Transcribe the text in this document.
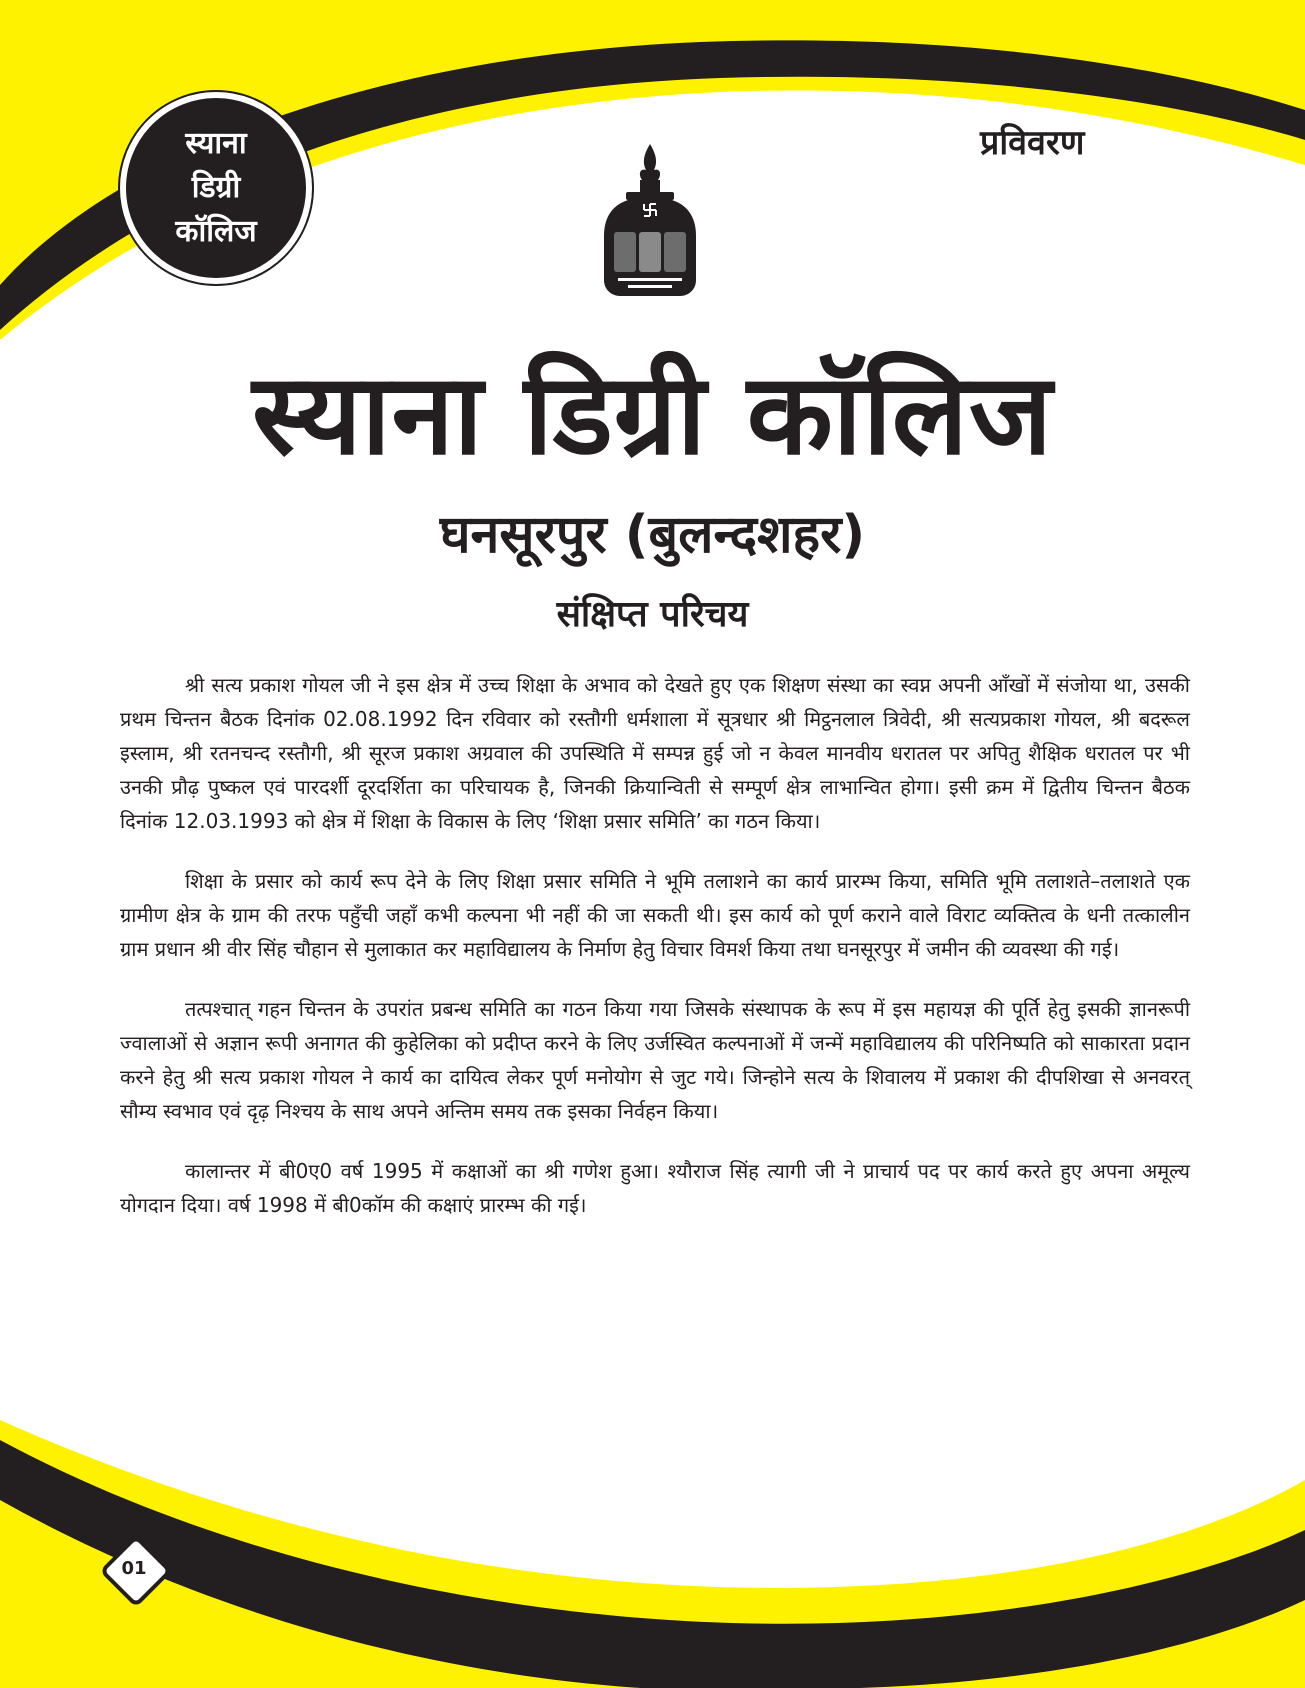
स्याना
डिग्री
कॉलिज
प्रविवरण
स्याना डिग्री कॉलिज
घनसूरपुर (बुलन्दशहर)
संक्षिप्त परिचय

श्री सत्य प्रकाश गोयल जी ने इस क्षेत्र में उच्च शिक्षा के अभाव को देखते हुए एक शिक्षण संस्था का स्वप्न अपनी आँखों में संजोया था, उसकी प्रथम चिन्तन बैठक दिनांक 02.08.1992 दिन रविवार को रस्तौगी धर्मशाला में सूत्रधार श्री मिट्ठनलाल त्रिवेदी, श्री सत्यप्रकाश गोयल, श्री बदरूल इस्लाम, श्री रतनचन्द रस्तौगी, श्री सूरज प्रकाश अग्रवाल की उपस्थिति में सम्पन्न हुई जो न केवल मानवीय धरातल पर अपितु शैक्षिक धरातल पर भी उनकी प्रौढ़ पुष्कल एवं पारदर्शी दूरदर्शिता का परिचायक है, जिनकी क्रियान्विती से सम्पूर्ण क्षेत्र लाभान्वित होगा। इसी क्रम में द्वितीय चिन्तन बैठक दिनांक 12.03.1993 को क्षेत्र में शिक्षा के विकास के लिए ‘शिक्षा प्रसार समिति’ का गठन किया।

शिक्षा के प्रसार को कार्य रूप देने के लिए शिक्षा प्रसार समिति ने भूमि तलाशने का कार्य प्रारम्भ किया, समिति भूमि तलाशते–तलाशते एक ग्रामीण क्षेत्र के ग्राम की तरफ पहुँची जहाँ कभी कल्पना भी नहीं की जा सकती थी। इस कार्य को पूर्ण कराने वाले विराट व्यक्तित्व के धनी तत्कालीन ग्राम प्रधान श्री वीर सिंह चौहान से मुलाकात कर महाविद्यालय के निर्माण हेतु विचार विमर्श किया तथा घनसूरपुर में जमीन की व्यवस्था की गई।

तत्पश्चात् गहन चिन्तन के उपरांत प्रबन्ध समिति का गठन किया गया जिसके संस्थापक के रूप में इस महायज्ञ की पूर्ति हेतु इसकी ज्ञानरूपी ज्वालाओं से अज्ञान रूपी अनागत की कुहेलिका को प्रदीप्त करने के लिए उर्जस्वित कल्पनाओं में जन्में महाविद्यालय की परिनिष्पति को साकारता प्रदान करने हेतु श्री सत्य प्रकाश गोयल ने कार्य का दायित्व लेकर पूर्ण मनोयोग से जुट गये। जिन्होने सत्य के शिवालय में प्रकाश की दीपशिखा से अनवरत् सौम्य स्वभाव एवं दृढ़ निश्चय के साथ अपने अन्तिम समय तक इसका निर्वहन किया।

कालान्तर में बी0ए0 वर्ष 1995 में कक्षाओं का श्री गणेश हुआ। श्यौराज सिंह त्यागी जी ने प्राचार्य पद पर कार्य करते हुए अपना अमूल्य योगदान दिया। वर्ष 1998 में बी0कॉम की कक्षाएं प्रारम्भ की गई।

01
